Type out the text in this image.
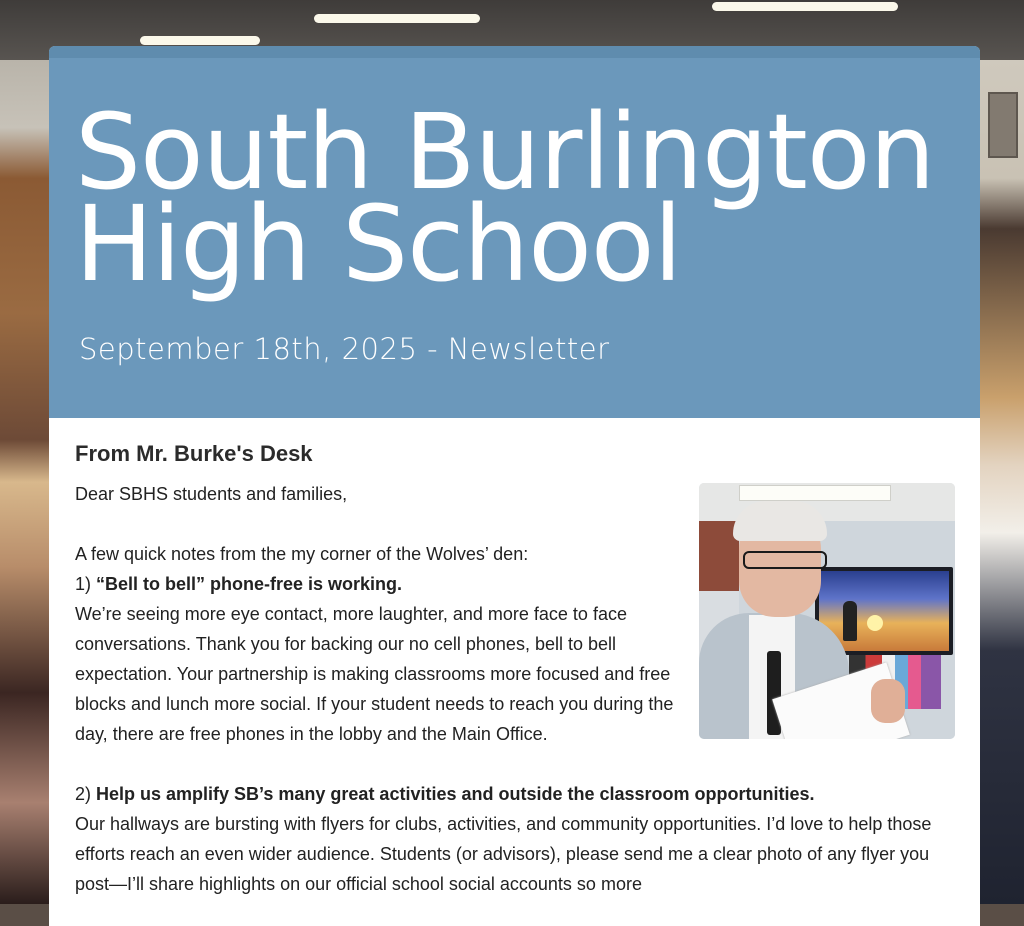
South Burlington
High School
September 18th, 2025 - Newsletter
From Mr. Burke's Desk

Dear SBHS students and families,

A few quick notes from the my corner of the Wolves’ den:

1) “Bell to bell” phone-free is working.

We’re seeing more eye contact, more laughter, and more face to face conversations. Thank you for backing our no cell phones, bell to bell expectation. Your partnership is making classrooms more focused and free blocks and lunch more social. If your student needs to reach you during the day, there are free phones in the lobby and the Main Office.

2) Help us amplify SB’s many great activities and outside the classroom opportunities.

Our hallways are bursting with flyers for clubs, activities, and community opportunities. I’d love to help those efforts reach an even wider audience. Students (or advisors), please send me a clear photo of any flyer you post—I’ll share highlights on our official school social accounts so more
